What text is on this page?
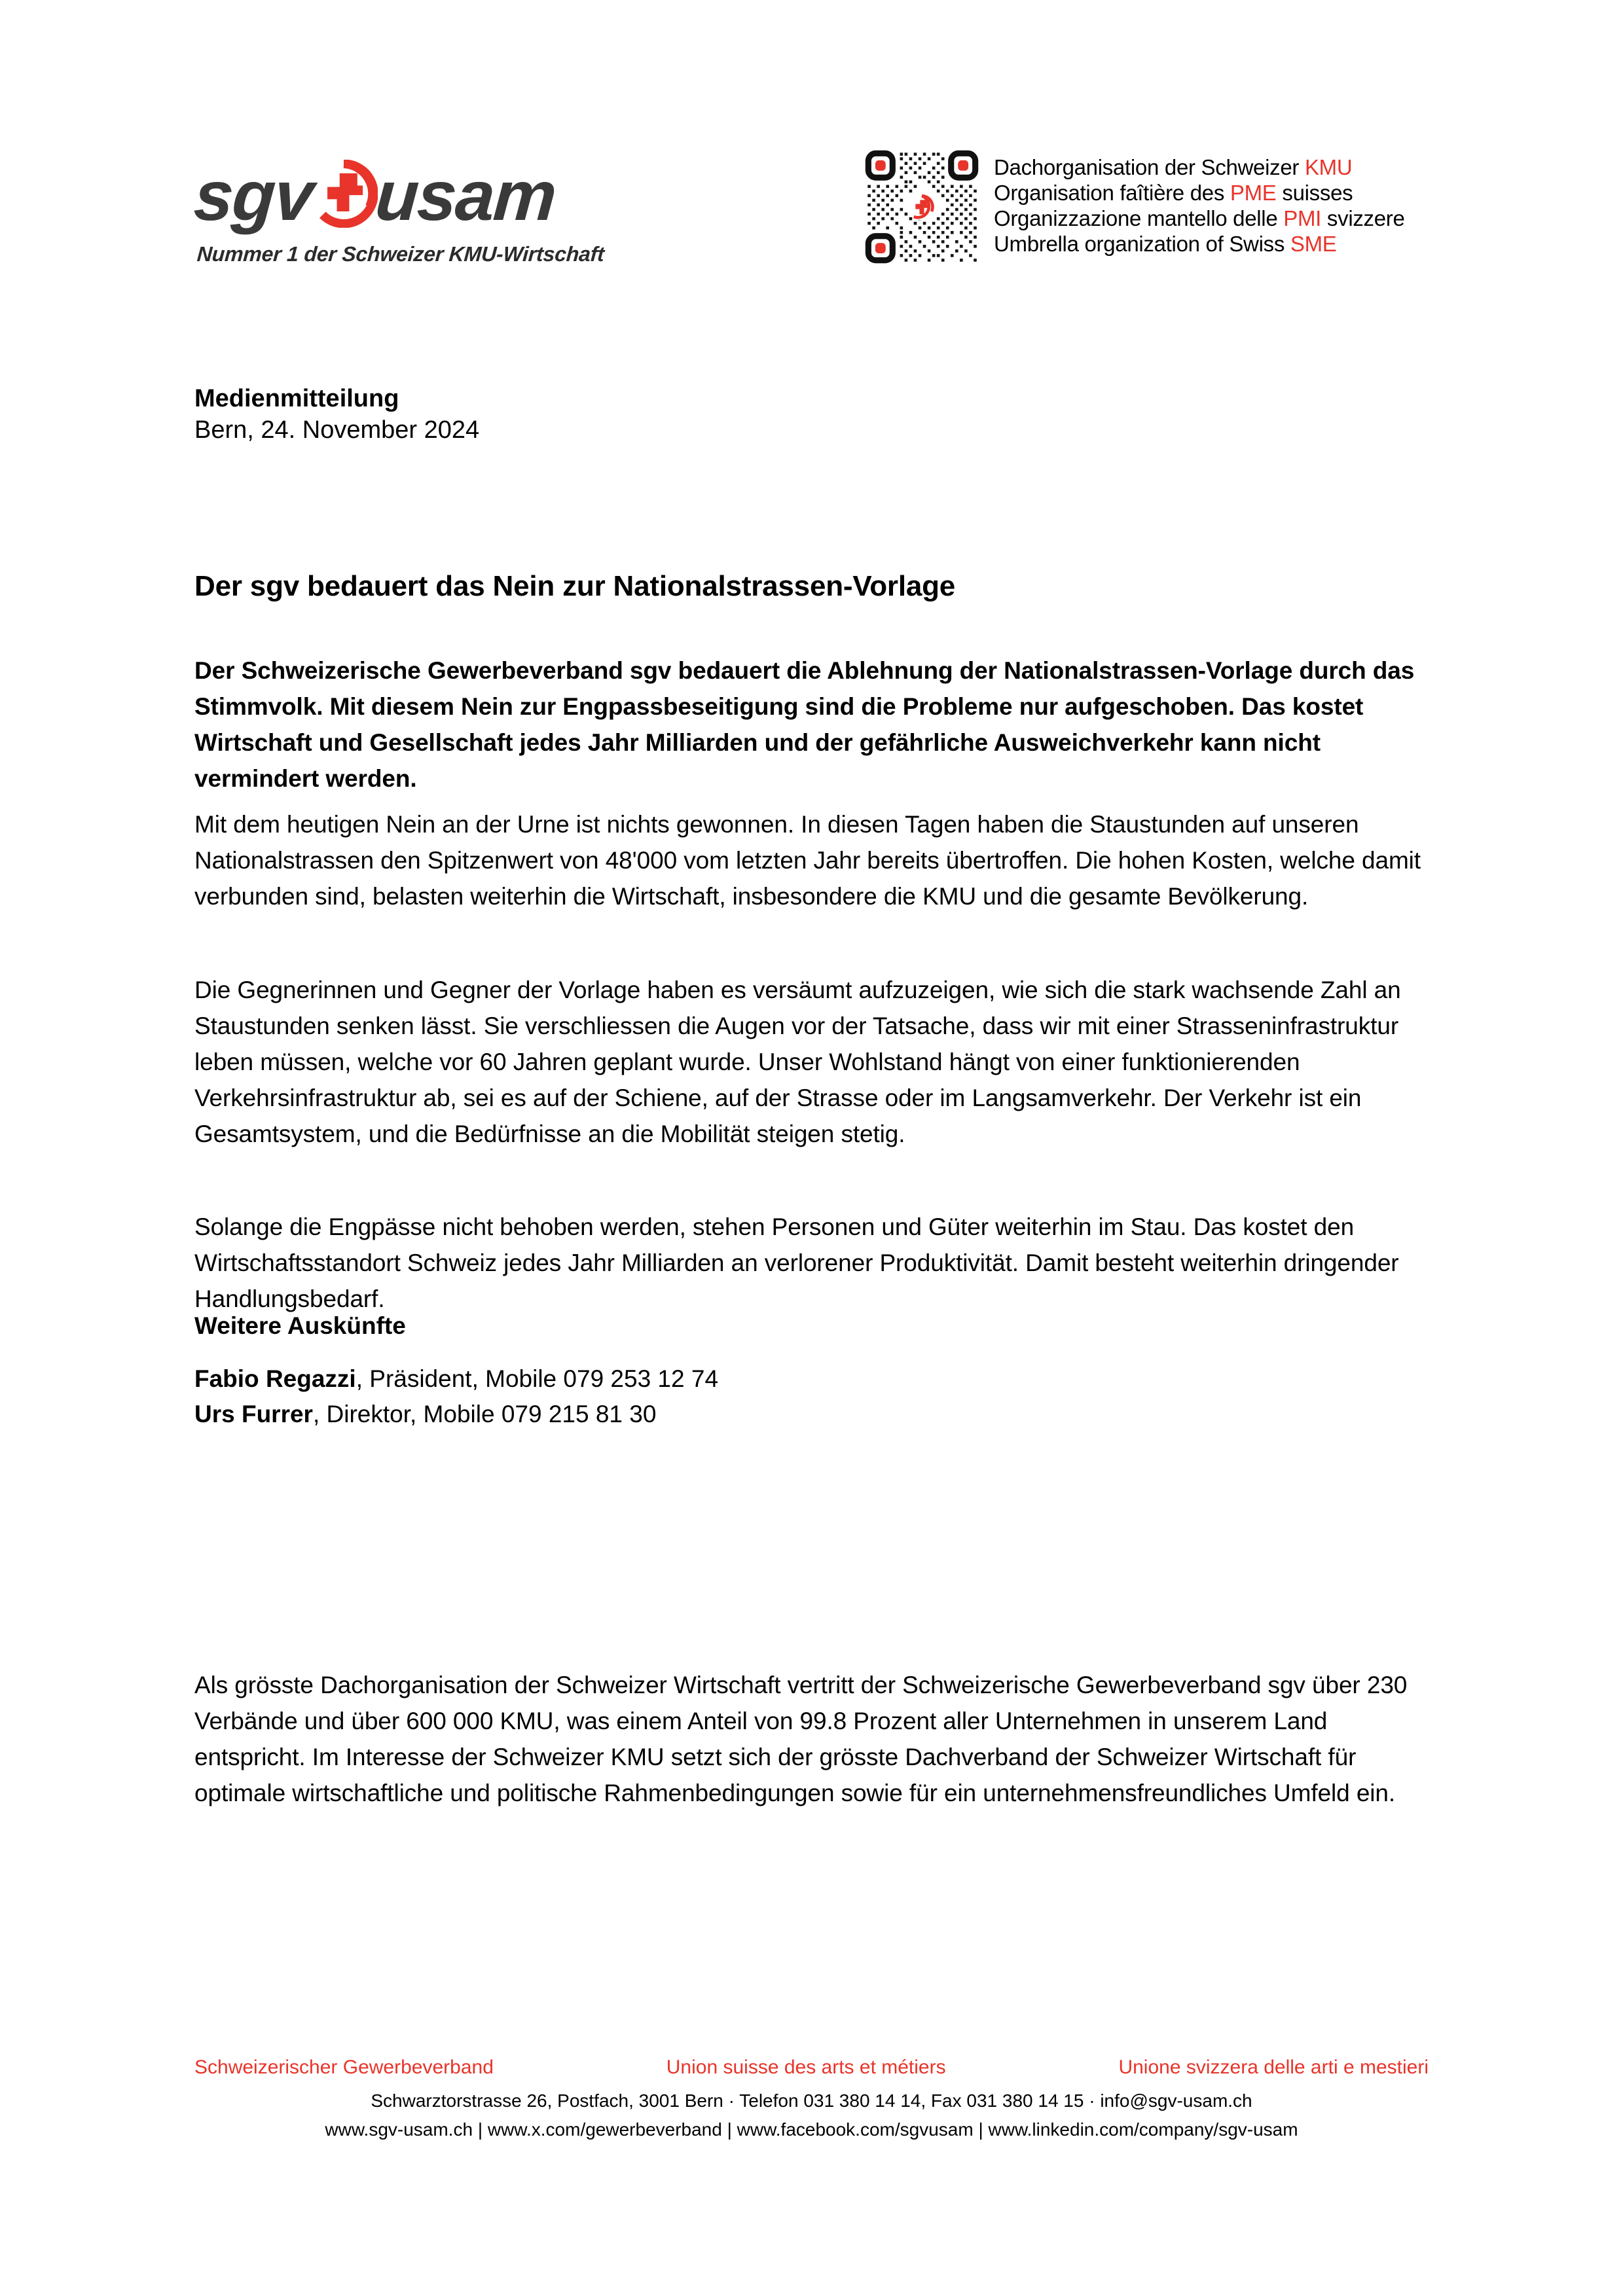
sgv usam
Nummer 1 der Schweizer KMU-Wirtschaft
Dachorganisation der Schweizer KMU
Organisation faîtière des PME suisses
Organizzazione mantello delle PMI svizzere
Umbrella organization of Swiss SME
Medienmitteilung
Bern, 24. November 2024
Der sgv bedauert das Nein zur Nationalstrassen-Vorlage

Der Schweizerische Gewerbeverband sgv bedauert die Ablehnung der Nationalstrassen-Vorlage durch das Stimmvolk. Mit diesem Nein zur Engpassbeseitigung sind die Probleme nur aufgeschoben. Das kostet Wirtschaft und Gesellschaft jedes Jahr Milliarden und der gefährliche Ausweichverkehr kann nicht vermindert werden.

Mit dem heutigen Nein an der Urne ist nichts gewonnen. In diesen Tagen haben die Staustunden auf unseren Nationalstrassen den Spitzenwert von 48'000 vom letzten Jahr bereits übertroffen. Die hohen Kosten, welche damit verbunden sind, belasten weiterhin die Wirtschaft, insbesondere die KMU und die gesamte Bevölkerung.

Die Gegnerinnen und Gegner der Vorlage haben es versäumt aufzuzeigen, wie sich die stark wachsende Zahl an Staustunden senken lässt. Sie verschliessen die Augen vor der Tatsache, dass wir mit einer Strasseninfrastruktur leben müssen, welche vor 60 Jahren geplant wurde. Unser Wohlstand hängt von einer funktionierenden Verkehrsinfrastruktur ab, sei es auf der Schiene, auf der Strasse oder im Langsamverkehr. Der Verkehr ist ein Gesamtsystem, und die Bedürfnisse an die Mobilität steigen stetig.

Solange die Engpässe nicht behoben werden, stehen Personen und Güter weiterhin im Stau. Das kostet den Wirtschaftsstandort Schweiz jedes Jahr Milliarden an verlorener Produktivität. Damit besteht weiterhin dringender Handlungsbedarf.

Weitere Auskünfte
Fabio Regazzi, Präsident, Mobile 079 253 12 74
Urs Furrer, Direktor, Mobile 079 215 81 30

Als grösste Dachorganisation der Schweizer Wirtschaft vertritt der Schweizerische Gewerbeverband sgv über 230 Verbände und über 600 000 KMU, was einem Anteil von 99.8 Prozent aller Unternehmen in unserem Land entspricht. Im Interesse der Schweizer KMU setzt sich der grösste Dachverband der Schweizer Wirtschaft für optimale wirtschaftliche und politische Rahmenbedingungen sowie für ein unternehmensfreundliches Umfeld ein.

Schweizerischer Gewerbeverband	Union suisse des arts et métiers	Unione svizzera delle arti e mestieri
Schwarztorstrasse 26, Postfach, 3001 Bern · Telefon 031 380 14 14, Fax 031 380 14 15 · info@sgv-usam.ch
www.sgv-usam.ch | www.x.com/gewerbeverband | www.facebook.com/sgvusam | www.linkedin.com/company/sgv-usam
